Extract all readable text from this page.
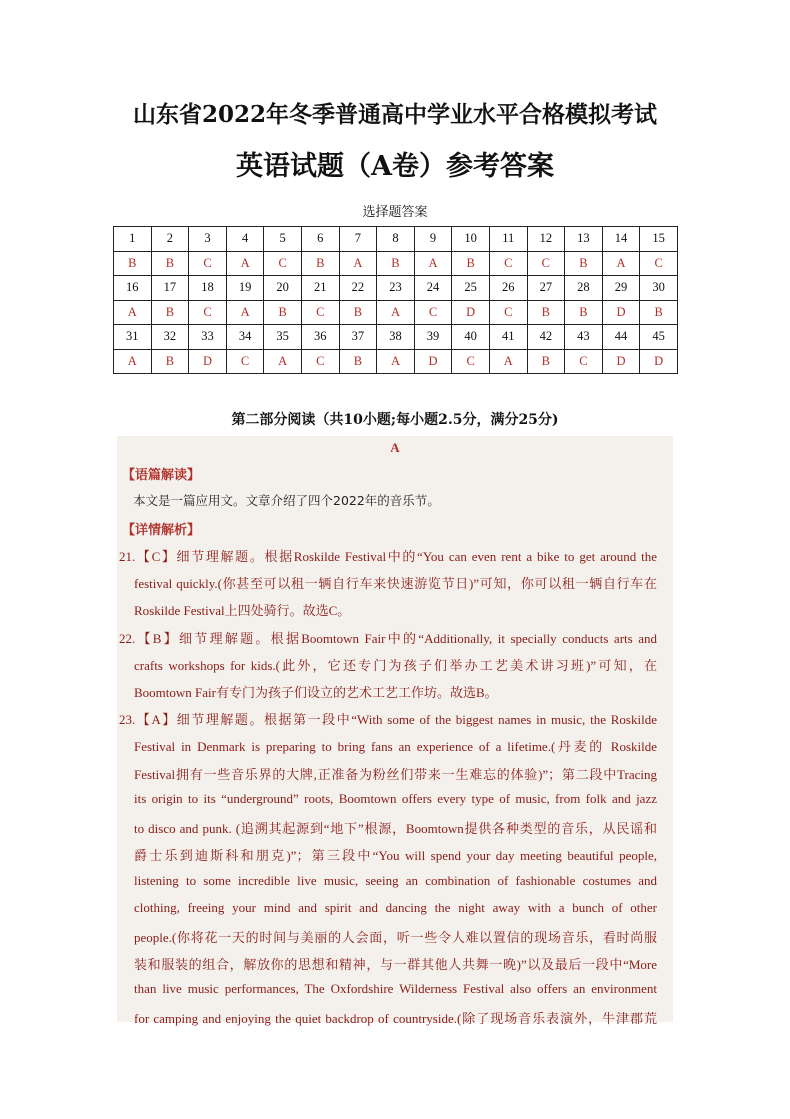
山东省2022年冬季普通高中学业水平合格模拟考试
英语试题（A卷）参考答案
选择题答案
1	2	3	4	5	6	7	8	9	10	11	12	13	14	15
B	B	C	A	C	B	A	B	A	B	C	C	B	A	C
16	17	18	19	20	21	22	23	24	25	26	27	28	29	30
A	B	C	A	B	C	B	A	C	D	C	B	B	D	B
31	32	33	34	35	36	37	38	39	40	41	42	43	44	45
A	B	D	C	A	C	B	A	D	C	A	B	C	D	D
第二部分阅读（共10小题;每小题2.5分，满分25分)
A
【语篇解读】
本文是一篇应用文。文章介绍了四个2022年的音乐节。
【详情解析】
21.【C】细节理解题。根据Roskilde Festival中的“You can even rent a bike to get around the
festival quickly.(你甚至可以租一辆自行车来快速游览节日)”可知，你可以租一辆自行车在
Roskilde Festival上四处骑行。故选C。
22.【B】细节理解题。根据Boomtown Fair中的“Additionally, it specially conducts arts and
crafts workshops for kids.(此外，它还专门为孩子们举办工艺美术讲习班)”可知，在
Boomtown Fair有专门为孩子们设立的艺术工艺工作坊。故选B。
23.【A】细节理解题。根据第一段中“With some of the biggest names in music, the Roskilde
Festival in Denmark is preparing to bring fans an experience of a lifetime.(丹麦的 Roskilde
Festival拥有一些音乐界的大牌,正准备为粉丝们带来一生难忘的体验)”；第二段中Tracing
its origin to its “underground” roots, Boomtown offers every type of music, from folk and jazz
to disco and punk. (追溯其起源到“地下”根源，Boomtown提供各种类型的音乐，从民谣和
爵士乐到迪斯科和朋克)”；第三段中“You will spend your day meeting beautiful people,
listening to some incredible live music, seeing an combination of fashionable costumes and
clothing, freeing your mind and spirit and dancing the night away with a bunch of other
people.(你将花一天的时间与美丽的人会面，听一些令人难以置信的现场音乐，看时尚服
装和服装的组合，解放你的思想和精神，与一群其他人共舞一晚)”以及最后一段中“More
than live music performances, The Oxfordshire Wilderness Festival also offers an environment
for camping and enjoying the quiet backdrop of countryside.(除了现场音乐表演外，牛津郡荒
